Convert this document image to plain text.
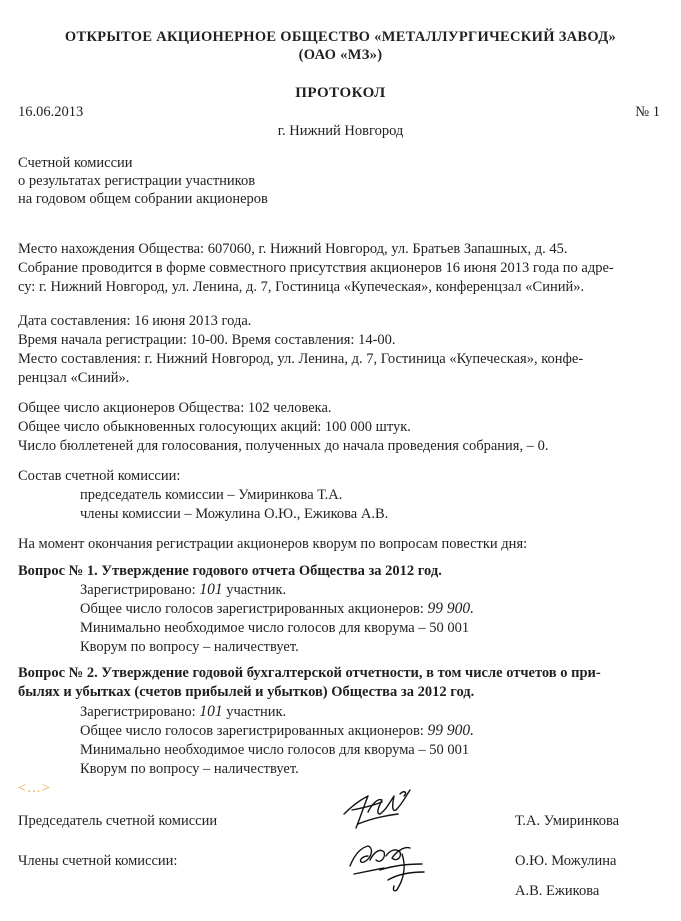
ОТКРЫТОЕ АКЦИОНЕРНОЕ ОБЩЕСТВО «МЕТАЛЛУРГИЧЕСКИЙ ЗАВОД»
(ОАО «МЗ»)
ПРОТОКОЛ
16.06.2013	№ 1
г. Нижний Новгород
Счетной комиссии
о результатах регистрации участников
на годовом общем собрании акционеров
Место нахождения Общества: 607060, г. Нижний Новгород, ул. Братьев Запашных, д. 45.
Собрание проводится в форме совместного присутствия акционеров 16 июня 2013 года по адре-
су: г. Нижний Новгород, ул. Ленина, д. 7, Гостиница «Купеческая», конференцзал «Синий».
Дата составления: 16 июня 2013 года.
Время начала регистрации: 10-00. Время составления: 14-00.
Место составления: г. Нижний Новгород, ул. Ленина, д. 7, Гостиница «Купеческая», конфе-
ренцзал «Синий».
Общее число акционеров Общества: 102 человека.
Общее число обыкновенных голосующих акций: 100 000 штук.
Число бюллетеней для голосования, полученных до начала проведения собрания, – 0.
Состав счетной комиссии:
председатель комиссии – Умиринкова Т.А.
члены комиссии – Можулина О.Ю., Ежикова А.В.
На момент окончания регистрации акционеров кворум по вопросам повестки дня:
Вопрос № 1. Утверждение годового отчета Общества за 2012 год.
Зарегистрировано: 101 участник.
Общее число голосов зарегистрированных акционеров: 99 900.
Минимально необходимое число голосов для кворума – 50 001
Кворум по вопросу – наличествует.
Вопрос № 2. Утверждение годовой бухгалтерской отчетности, в том числе отчетов о при-
былях и убытках (счетов прибылей и убытков) Общества за 2012 год.
Зарегистрировано: 101 участник.
Общее число голосов зарегистрированных акционеров: 99 900.
Минимально необходимое число голосов для кворума – 50 001
Кворум по вопросу – наличествует.
<…>
Председатель счетной комиссии	Т.А. Умиринкова
Члены счетной комиссии:	О.Ю. Можулина
А.В. Ежикова
